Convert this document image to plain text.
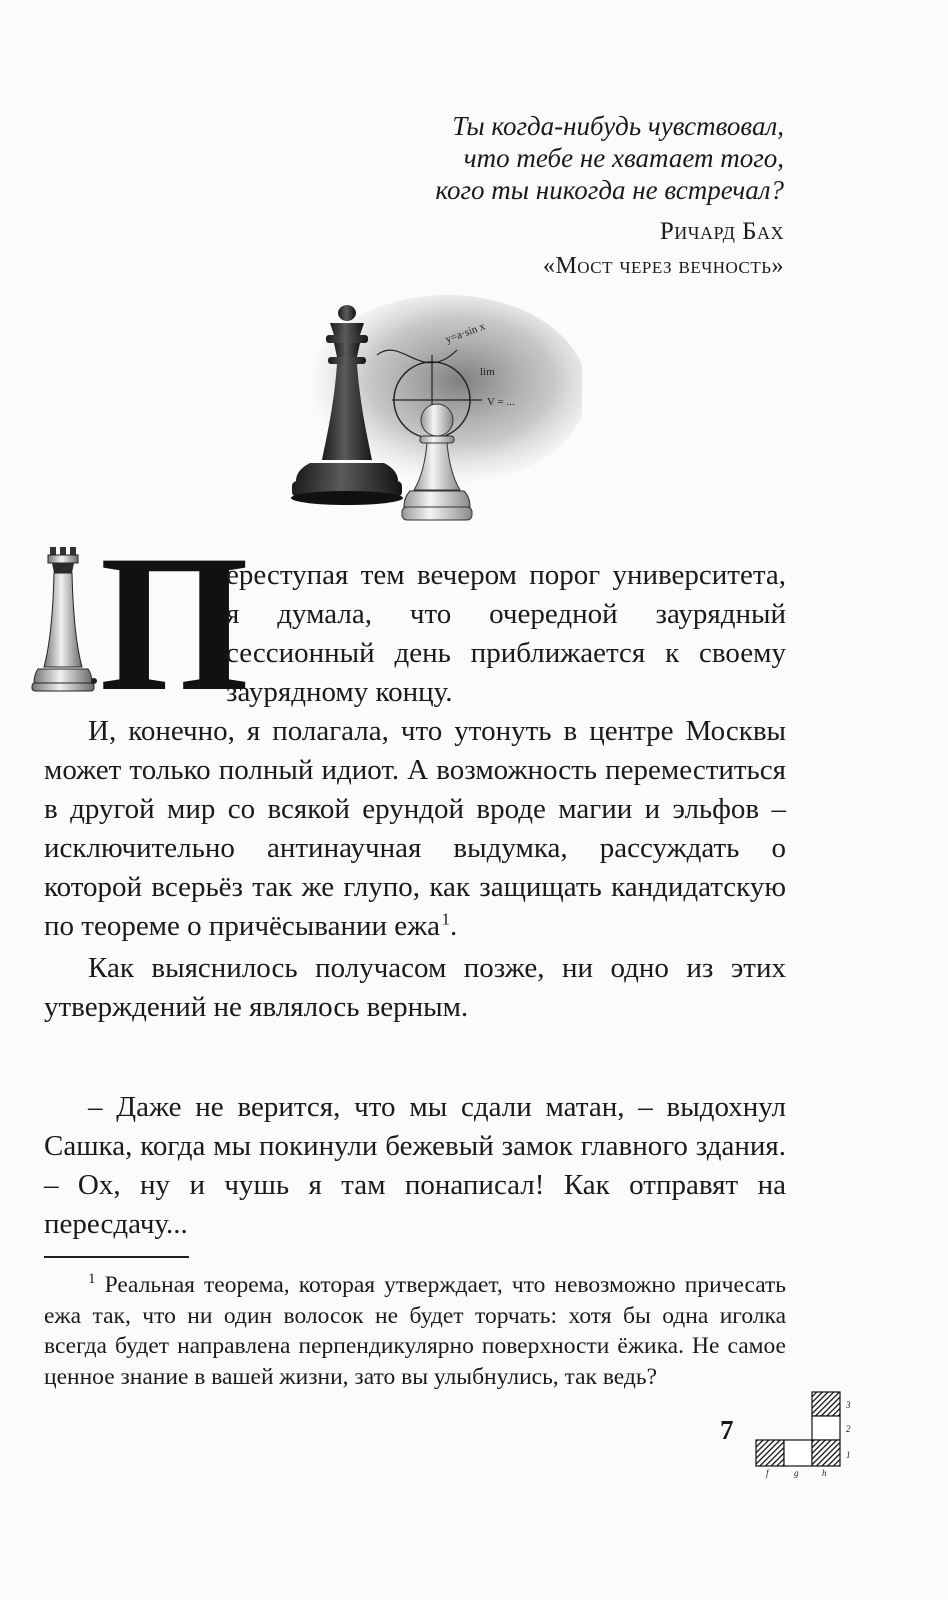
Ты когда-нибудь чувствовал,
что тебе не хватает того,
кого ты никогда не встречал?
Ричард Бах
«Мост через вечность»
y=a·sin x
lim
V = ...
П
ереступая тем вечером порог университета, я думала, что очередной заурядный сессионный день приближается к своему заурядному концу.
И, конечно, я полагала, что утонуть в центре Москвы может только полный идиот. А возможность переместиться в другой мир со всякой ерундой вроде магии и эльфов – исключительно антинаучная выдумка, рассуждать о которой всерьёз так же глупо, как защищать кандидатскую по теореме о причёсывании ежа $^1$.
Как выяснилось получасом позже, ни одно из этих утверждений не являлось верным.
– Даже не верится, что мы сдали матан, – выдохнул Сашка, когда мы покинули бежевый замок главного здания. – Ох, ну и чушь я там понаписал! Как отправят на пересдачу...
$^1$ Реальная теорема, которая утверждает, что невозможно причесать ежа так, что ни один волосок не будет торчать: хотя бы одна иголка всегда будет направлена перпендикулярно поверхности ёжика. Не самое ценное знание в вашей жизни, зато вы улыбнулись, так ведь?
7
3
2
1
f	g	h
